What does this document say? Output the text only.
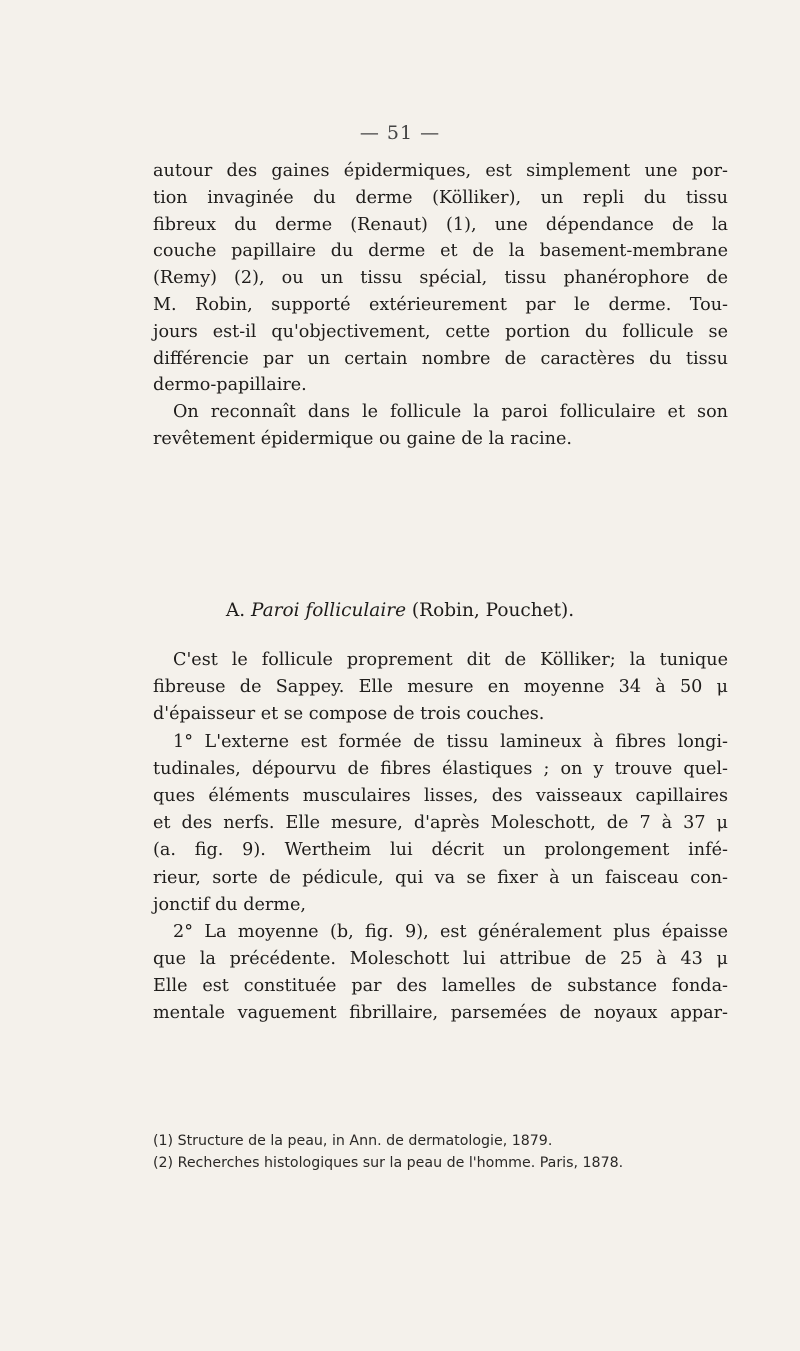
— 51 —
autour des gaines épidermiques, est simplement une por-
tion invaginée du derme (Kölliker), un repli du tissu
fibreux du derme (Renaut) (1), une dépendance de la
couche papillaire du derme et de la basement-membrane
(Remy) (2), ou un tissu spécial, tissu phanérophore de
M. Robin, supporté extérieurement par le derme. Tou-
jours est-il qu'objectivement, cette portion du follicule se
différencie par un certain nombre de caractères du tissu
dermo-papillaire.
On reconnaît dans le follicule la paroi folliculaire et son
revêtement épidermique ou gaine de la racine.
A. Paroi folliculaire (Robin, Pouchet).
C'est le follicule proprement dit de Kölliker; la tunique
fibreuse de Sappey. Elle mesure en moyenne 34 à 50 μ
d'épaisseur et se compose de trois couches.
1° L'externe est formée de tissu lamineux à fibres longi-
tudinales, dépourvu de fibres élastiques ; on y trouve quel-
ques éléments musculaires lisses, des vaisseaux capillaires
et des nerfs. Elle mesure, d'après Moleschott, de 7 à 37 μ
(a. fig. 9). Wertheim lui décrit un prolongement infé-
rieur, sorte de pédicule, qui va se fixer à un faisceau con-
jonctif du derme,
2° La moyenne (b, fig. 9), est généralement plus épaisse
que la précédente. Moleschott lui attribue de 25 à 43 μ
Elle est constituée par des lamelles de substance fonda-
mentale vaguement fibrillaire, parsemées de noyaux appar-
(1) Structure de la peau, in Ann. de dermatologie, 1879.
(2) Recherches histologiques sur la peau de l'homme. Paris, 1878.
